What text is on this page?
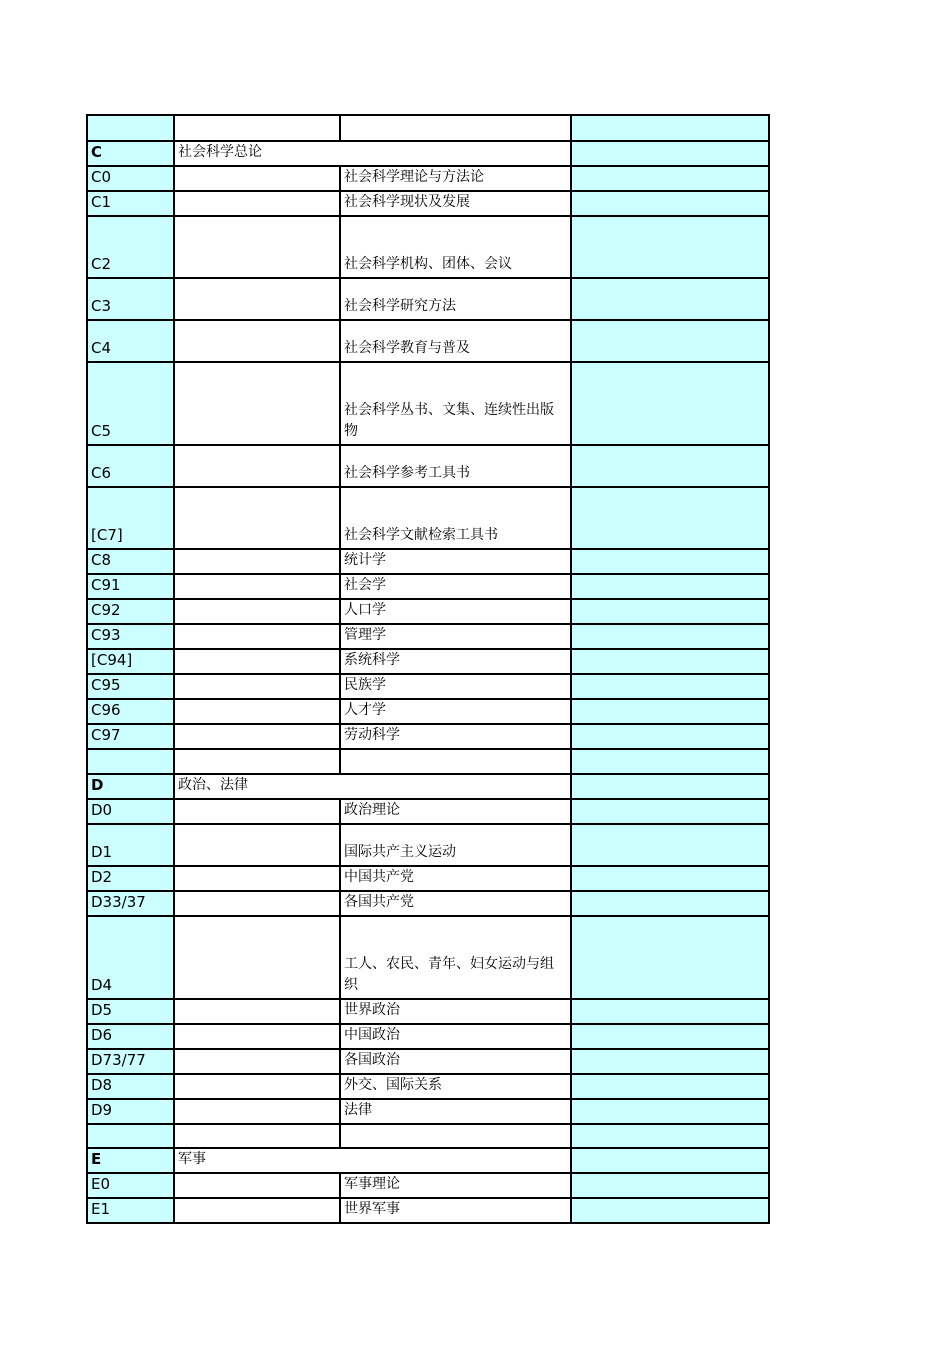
C	社会科学总论		
C0		社会科学理论与方法论	
C1		社会科学现状及发展	
C2		社会科学机构、团体、会议	
C3		社会科学研究方法	
C4		社会科学教育与普及	
C5		社会科学丛书、文集、连续性出版物	
C6		社会科学参考工具书	
[C7]		社会科学文献检索工具书	
C8		统计学	
C91		社会学	
C92		人口学	
C93		管理学	
[C94]		系统科学	
C95		民族学	
C96		人才学	
C97		劳动科学	

D	政治、法律		
D0		政治理论	
D1		国际共产主义运动	
D2		中国共产党	
D33/37		各国共产党	
D4		工人、农民、青年、妇女运动与组织	
D5		世界政治	
D6		中国政治	
D73/77		各国政治	
D8		外交、国际关系	
D9		法律	

E	军事		
E0		军事理论	
E1		世界军事	
